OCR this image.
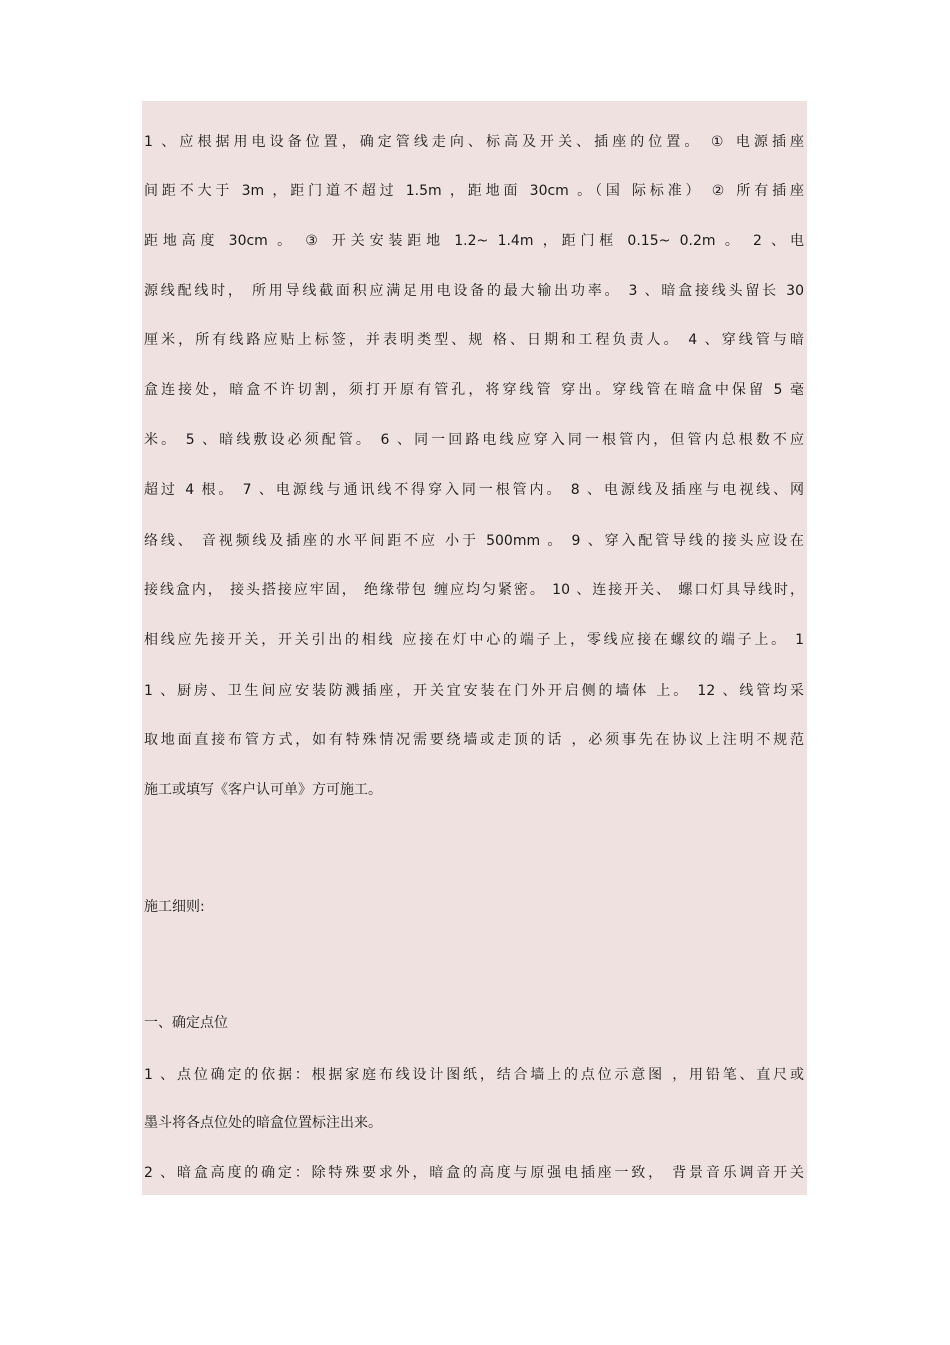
1 、应根据用电设备位置，确定管线走向、标高及开关、插座的位置。 ① 电源插座
间距不大于 3m ，距门道不超过 1.5m ，距地面 30cm 。（国 际标准） ② 所有插座
距地高度 30cm 。 ③ 开关安装距地 1.2~ 1.4m ，距门框 0.15~ 0.2m 。 2 、电
源线配线时， 所用导线截面积应满足用电设备的最大输出功率。 3 、暗盒接线头留长 30
厘米，所有线路应贴上标签，并表明类型、规 格、日期和工程负责人。 4 、穿线管与暗
盒连接处，暗盒不许切割，须打开原有管孔，将穿线管 穿出。穿线管在暗盒中保留 5 毫
米。 5 、暗线敷设必须配管。 6 、同一回路电线应穿入同一根管内，但管内总根数不应
超过 4 根。 7 、电源线与通讯线不得穿入同一根管内。 8 、电源线及插座与电视线、网
络线、 音视频线及插座的水平间距不应 小于 500mm 。 9 、穿入配管导线的接头应设在
接线盒内， 接头搭接应牢固， 绝缘带包 缠应均匀紧密。 10 、连接开关、 螺口灯具导线时，
相线应先接开关，开关引出的相线 应接在灯中心的端子上，零线应接在螺纹的端子上。 1
1 、厨房、卫生间应安装防溅插座，开关宜安装在门外开启侧的墙体 上。 12 、线管均采
取地面直接布管方式，如有特殊情况需要绕墙或走顶的话 ，必须事先在协议上注明不规范
施工或填写《客户认可单》方可施工。
施工细则:
一、确定点位
1 、点位确定的依据：根据家庭布线设计图纸，结合墙上的点位示意图 ，用铅笔、直尺或
墨斗将各点位处的暗盒位置标注出来。
2 、暗盒高度的确定：除特殊要求外，暗盒的高度与原强电插座一致， 背景音乐调音开关
